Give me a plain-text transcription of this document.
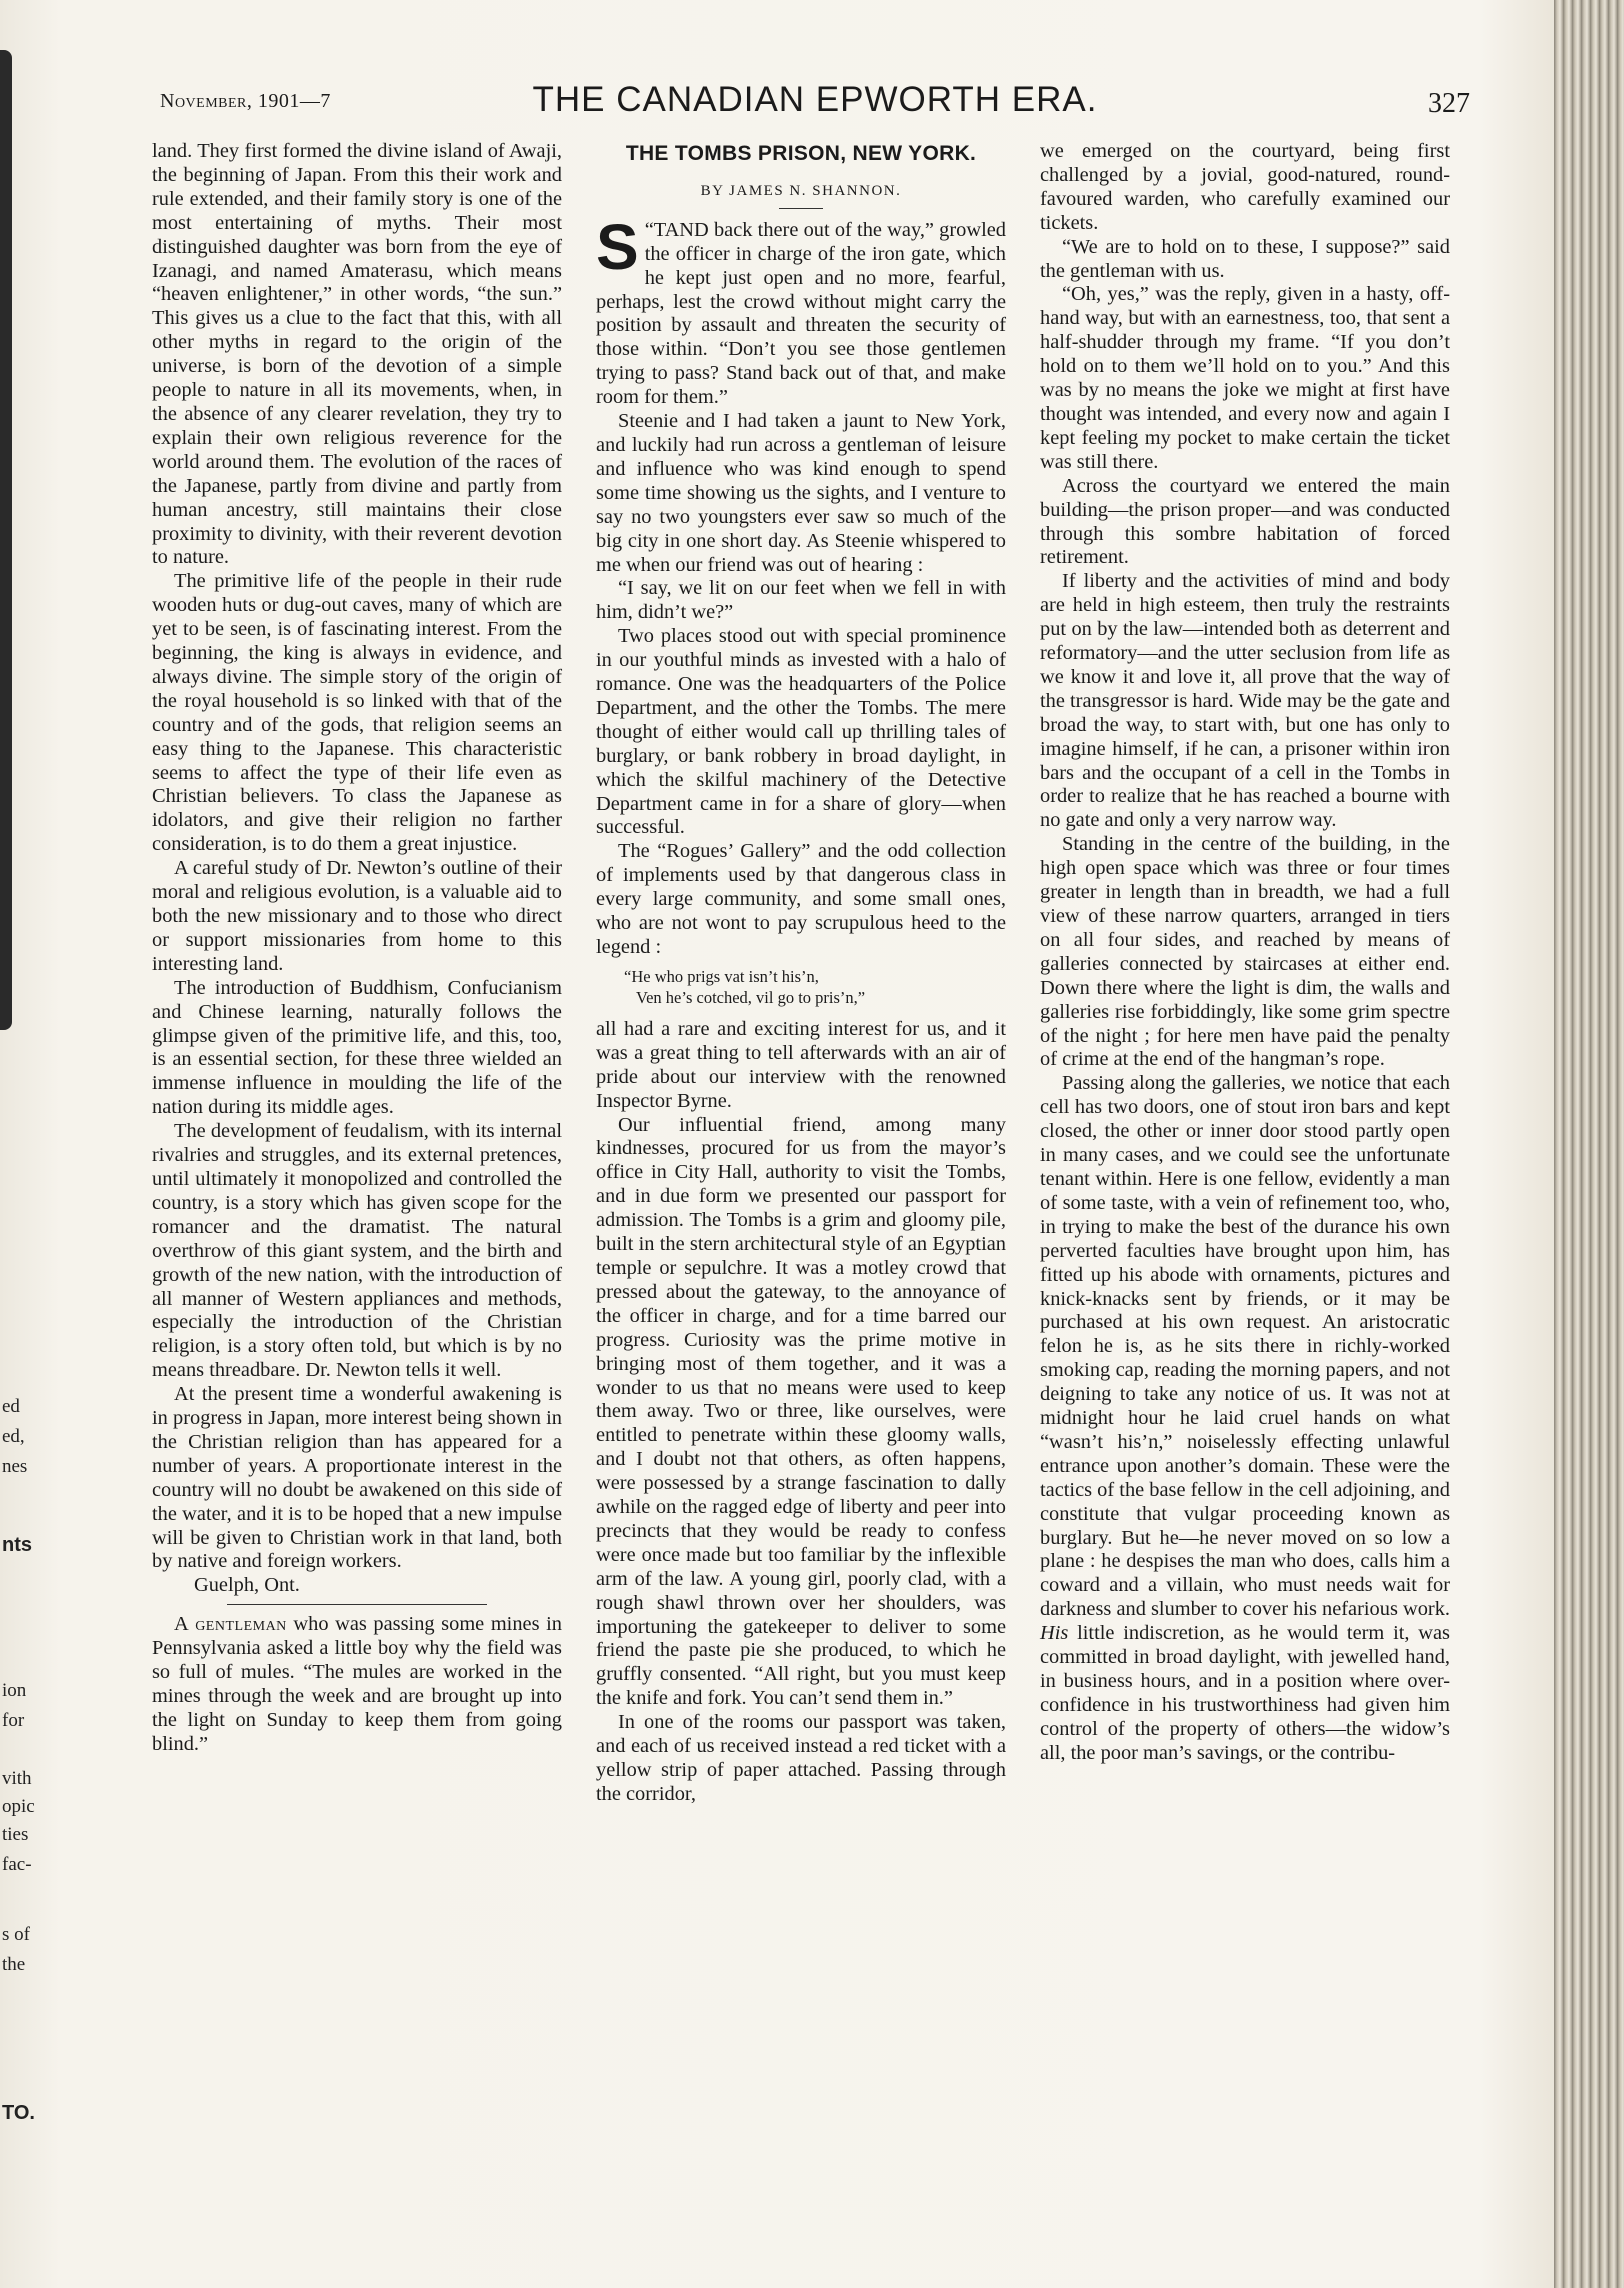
ed
ed,
nes
nts
ion
for
vith
opic
ties
fac-
s of
the
TO.
November, 1901—7	THE CANADIAN EPWORTH ERA.	327

land. They first formed the divine island of Awaji, the beginning of Japan. From this their work and rule extended, and their family story is one of the most entertaining of myths. Their most distinguished daughter was born from the eye of Izanagi, and named Amaterasu, which means “heaven enlightener,” in other words, “the sun.” This gives us a clue to the fact that this, with all other myths in regard to the origin of the universe, is born of the devotion of a simple people to nature in all its movements, when, in the absence of any clearer revelation, they try to explain their own religious reverence for the world around them. The evolution of the races of the Japanese, partly from divine and partly from human ancestry, still maintains their close proximity to divinity, with their reverent devotion to nature.

The primitive life of the people in their rude wooden huts or dug-out caves, many of which are yet to be seen, is of fascinating interest. From the beginning, the king is always in evidence, and always divine. The simple story of the origin of the royal household is so linked with that of the country and of the gods, that religion seems an easy thing to the Japanese. This characteristic seems to affect the type of their life even as Christian believers. To class the Japanese as idolators, and give their religion no farther consideration, is to do them a great injustice.

A careful study of Dr. Newton’s outline of their moral and religious evolution, is a valuable aid to both the new missionary and to those who direct or support missionaries from home to this interesting land.

The introduction of Buddhism, Confucianism and Chinese learning, naturally follows the glimpse given of the primitive life, and this, too, is an essential section, for these three wielded an immense influence in moulding the life of the nation during its middle ages.

The development of feudalism, with its internal rivalries and struggles, and its external pretences, until ultimately it monopolized and controlled the country, is a story which has given scope for the romancer and the dramatist. The natural overthrow of this giant system, and the birth and growth of the new nation, with the introduction of all manner of Western appliances and methods, especially the introduction of the Christian religion, is a story often told, but which is by no means threadbare. Dr. Newton tells it well.

At the present time a wonderful awakening is in progress in Japan, more interest being shown in the Christian religion than has appeared for a number of years. A proportionate interest in the country will no doubt be awakened on this side of the water, and it is to be hoped that a new impulse will be given to Christian work in that land, both by native and foreign workers.

Guelph, Ont.

A gentleman who was passing some mines in Pennsylvania asked a little boy why the field was so full of mules. “The mules are worked in the mines through the week and are brought up into the light on Sunday to keep them from going blind.”

THE TOMBS PRISON, NEW YORK.
BY JAMES N. SHANNON.

“
S TAND back there out of the way,” growled the officer in charge of the iron gate, which he kept just open and no more, fearful, perhaps, lest the crowd without might carry the position by assault and threaten the security of those within. “Don’t you see those gentlemen trying to pass? Stand back out of that, and make room for them.”

Steenie and I had taken a jaunt to New York, and luckily had run across a gentleman of leisure and influence who was kind enough to spend some time showing us the sights, and I venture to say no two youngsters ever saw so much of the big city in one short day. As Steenie whispered to me when our friend was out of hearing :

“I say, we lit on our feet when we fell in with him, didn’t we?”

Two places stood out with special prominence in our youthful minds as invested with a halo of romance. One was the headquarters of the Police Department, and the other the Tombs. The mere thought of either would call up thrilling tales of burglary, or bank robbery in broad daylight, in which the skilful machinery of the Detective Department came in for a share of glory—when successful.

The “Rogues’ Gallery” and the odd collection of implements used by that dangerous class in every large community, and some small ones, who are not wont to pay scrupulous heed to the legend :

“He who prigs vat isn’t his’n,
Ven he’s cotched, vil go to pris’n,”

all had a rare and exciting interest for us, and it was a great thing to tell afterwards with an air of pride about our interview with the renowned Inspector Byrne.

Our influential friend, among many kindnesses, procured for us from the mayor’s office in City Hall, authority to visit the Tombs, and in due form we presented our passport for admission. The Tombs is a grim and gloomy pile, built in the stern architectural style of an Egyptian temple or sepulchre. It was a motley crowd that pressed about the gateway, to the annoyance of the officer in charge, and for a time barred our progress. Curiosity was the prime motive in bringing most of them together, and it was a wonder to us that no means were used to keep them away. Two or three, like ourselves, were entitled to penetrate within these gloomy walls, and I doubt not that others, as often happens, were possessed by a strange fascination to dally awhile on the ragged edge of liberty and peer into precincts that they would be ready to confess were once made but too familiar by the inflexible arm of the law. A young girl, poorly clad, with a rough shawl thrown over her shoulders, was importuning the gatekeeper to deliver to some friend the paste pie she produced, to which he gruffly consented. “All right, but you must keep the knife and fork. You can’t send them in.”

In one of the rooms our passport was taken, and each of us received instead a red ticket with a yellow strip of paper attached. Passing through the corridor,

we emerged on the courtyard, being first challenged by a jovial, good-natured, round-favoured warden, who carefully examined our tickets.

“We are to hold on to these, I suppose?” said the gentleman with us.

“Oh, yes,” was the reply, given in a hasty, off-hand way, but with an earnestness, too, that sent a half-shudder through my frame. “If you don’t hold on to them we’ll hold on to you.” And this was by no means the joke we might at first have thought was intended, and every now and again I kept feeling my pocket to make certain the ticket was still there.

Across the courtyard we entered the main building—the prison proper—and was conducted through this sombre habitation of forced retirement.

If liberty and the activities of mind and body are held in high esteem, then truly the restraints put on by the law—intended both as deterrent and reformatory—and the utter seclusion from life as we know it and love it, all prove that the way of the transgressor is hard. Wide may be the gate and broad the way, to start with, but one has only to imagine himself, if he can, a prisoner within iron bars and the occupant of a cell in the Tombs in order to realize that he has reached a bourne with no gate and only a very narrow way.

Standing in the centre of the building, in the high open space which was three or four times greater in length than in breadth, we had a full view of these narrow quarters, arranged in tiers on all four sides, and reached by means of galleries connected by staircases at either end. Down there where the light is dim, the walls and galleries rise forbiddingly, like some grim spectre of the night ; for here men have paid the penalty of crime at the end of the hangman’s rope.

Passing along the galleries, we notice that each cell has two doors, one of stout iron bars and kept closed, the other or inner door stood partly open in many cases, and we could see the unfortunate tenant within. Here is one fellow, evidently a man of some taste, with a vein of refinement too, who, in trying to make the best of the durance his own perverted faculties have brought upon him, has fitted up his abode with ornaments, pictures and knick-knacks sent by friends, or it may be purchased at his own request. An aristocratic felon he is, as he sits there in richly-worked smoking cap, reading the morning papers, and not deigning to take any notice of us. It was not at midnight hour he laid cruel hands on what “wasn’t his’n,” noiselessly effecting unlawful entrance upon another’s domain. These were the tactics of the base fellow in the cell adjoining, and constitute that vulgar proceeding known as burglary. But he—he never moved on so low a plane : he despises the man who does, calls him a coward and a villain, who must needs wait for darkness and slumber to cover his nefarious work. His little indiscretion, as he would term it, was committed in broad daylight, with jewelled hand, in business hours, and in a position where over-confidence in his trustworthiness had given him control of the property of others—the widow’s all, the poor man’s savings, or the contribu-
